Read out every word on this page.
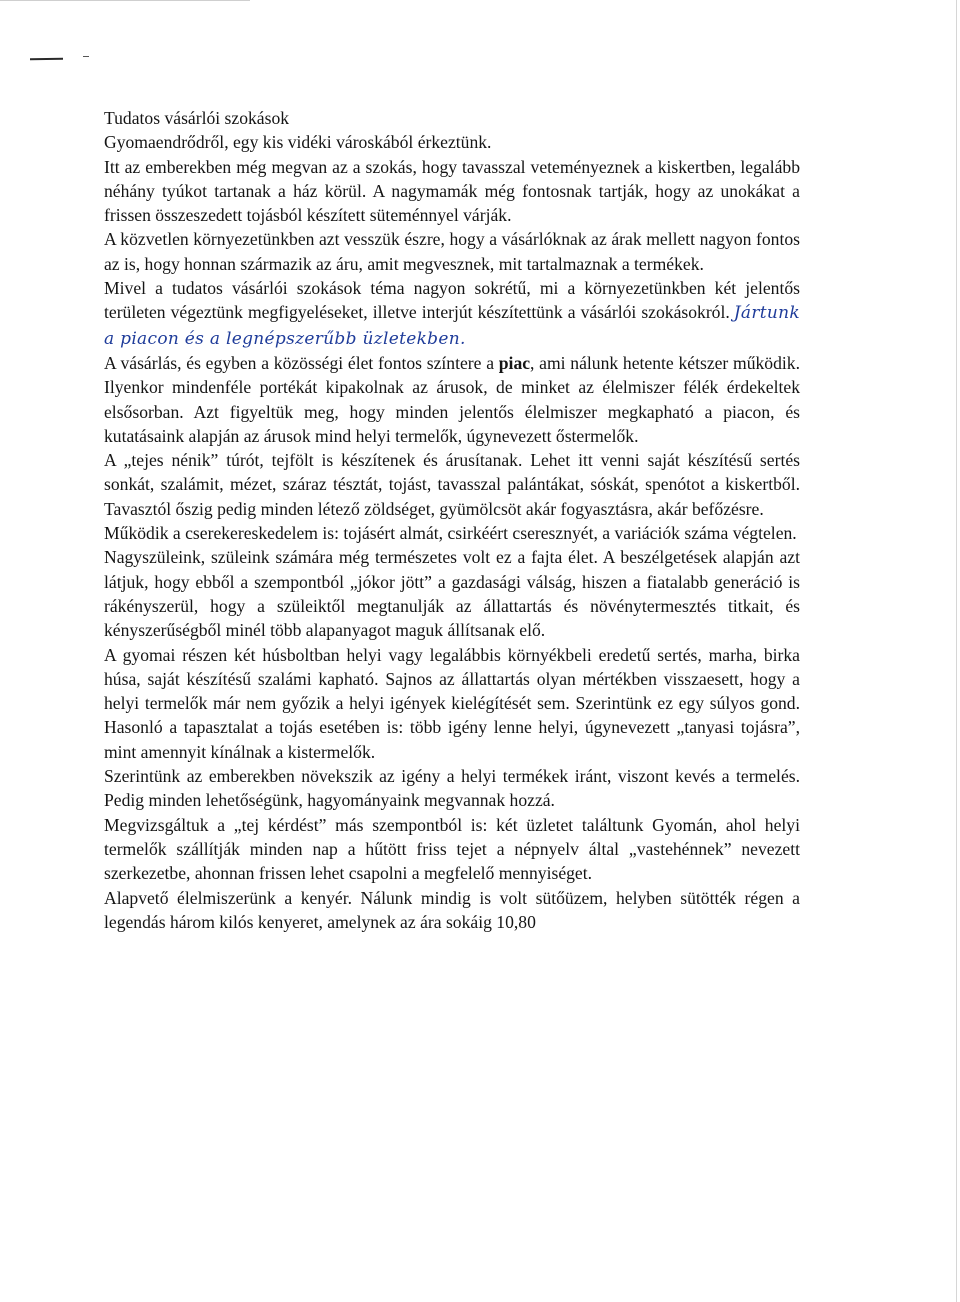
Tudatos vásárlói szokások

Gyomaendrődről, egy kis vidéki városkából érkeztünk.

Itt az emberekben még megvan az a szokás, hogy tavasszal veteményeznek a kiskertben, legalább néhány tyúkot tartanak a ház körül. A nagymamák még fontosnak tartják, hogy az unokákat a frissen összeszedett tojásból készített süteménnyel várják.

A közvetlen környezetünkben azt vesszük észre, hogy a vásárlóknak az árak mellett nagyon fontos az is, hogy honnan származik az áru, amit megvesznek, mit tartalmaznak a termékek.

Mivel a tudatos vásárlói szokások téma nagyon sokrétű, mi a környezetünkben két jelentős területen végeztünk megfigyeléseket, illetve interjút készítettünk a vásárlói szokásokról. Jártunk a piacon és a legnépszerűbb üzletekben.

A vásárlás, és egyben a közösségi élet fontos színtere a piac, ami nálunk hetente kétszer működik. Ilyenkor mindenféle portékát kipakolnak az árusok, de minket az élelmiszer félék érdekeltek elsősorban. Azt figyeltük meg, hogy minden jelentős élelmiszer megkapható a piacon, és kutatásaink alapján az árusok mind helyi termelők, úgynevezett őstermelők.

A „tejes nénik” túrót, tejfölt is készítenek és árusítanak. Lehet itt venni saját készítésű sertés sonkát, szalámit, mézet, száraz tésztát, tojást, tavasszal palántákat, sóskát, spenótot a kiskertből. Tavasztól őszig pedig minden létező zöldséget, gyümölcsöt akár fogyasztásra, akár befőzésre.

Működik a cserekereskedelem is: tojásért almát, csirkéért cseresznyét, a variációk száma végtelen.

Nagyszüleink, szüleink számára még természetes volt ez a fajta élet. A beszélgetések alapján azt látjuk, hogy ebből a szempontból „jókor jött” a gazdasági válság, hiszen a fiatalabb generáció is rákényszerül, hogy a szüleiktől megtanulják az állattartás és növénytermesztés titkait, és kényszerűségből minél több alapanyagot maguk állítsanak elő.

A gyomai részen két húsboltban helyi vagy legalábbis környékbeli eredetű sertés, marha, birka húsa, saját készítésű szalámi kapható. Sajnos az állattartás olyan mértékben visszaesett, hogy a helyi termelők már nem győzik a helyi igények kielégítését sem. Szerintünk ez egy súlyos gond. Hasonló a tapasztalat a tojás esetében is: több igény lenne helyi, úgynevezett „tanyasi tojásra”, mint amennyit kínálnak a kistermelők.

Szerintünk az emberekben növekszik az igény a helyi termékek iránt, viszont kevés a termelés. Pedig minden lehetőségünk, hagyományaink megvannak hozzá.

Megvizsgáltuk a „tej kérdést” más szempontból is: két üzletet találtunk Gyomán, ahol helyi termelők szállítják minden nap a hűtött friss tejet a népnyelv által „vastehénnek” nevezett szerkezetbe, ahonnan frissen lehet csapolni a megfelelő mennyiséget.

Alapvető élelmiszerünk a kenyér. Nálunk mindig is volt sütőüzem, helyben sütötték régen a legendás három kilós kenyeret, amelynek az ára sokáig 10,80
